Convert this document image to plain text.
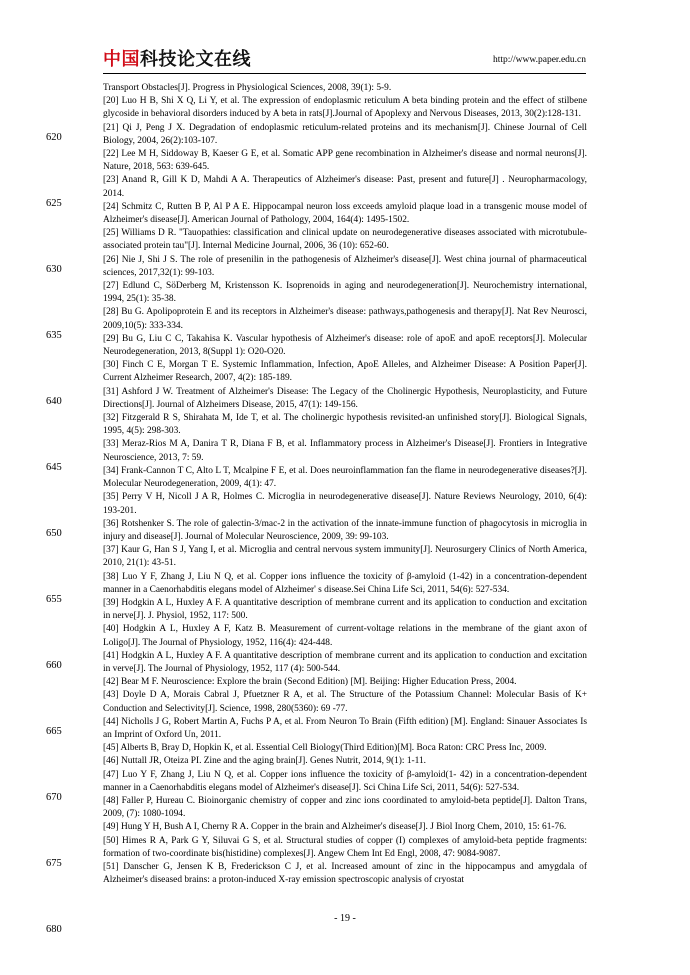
中国科技论文在线	http://www.paper.edu.cn
620
625
630
635
640
645
650
655
660
665
670
675
680

Transport Obstacles[J]. Progress in Physiological Sciences, 2008, 39(1): 5-9.

[20] Luo H B, Shi X Q, Li Y, et al. The expression of endoplasmic reticulum A beta binding protein and the effect of stilbene glycoside in behavioral disorders induced by A beta in rats[J].Journal of Apoplexy and Nervous Diseases, 2013, 30(2):128-131.

[21] Qi J, Peng J X. Degradation of endoplasmic reticulum-related proteins and its mechanism[J]. Chinese Journal of Cell Biology, 2004, 26(2):103-107.

[22] Lee M H, Siddoway B, Kaeser G E, et al. Somatic APP gene recombination in Alzheimer's disease and normal neurons[J]. Nature, 2018, 563: 639-645.

[23] Anand R, Gill K D, Mahdi A A. Therapeutics of Alzheimer's disease: Past, present and future[J] . Neuropharmacology, 2014.

[24] Schmitz C, Rutten B P, Al P A E. Hippocampal neuron loss exceeds amyloid plaque load in a transgenic mouse model of Alzheimer's disease[J]. American Journal of Pathology, 2004, 164(4): 1495-1502.

[25] Williams D R. "Tauopathies: classification and clinical update on neurodegenerative diseases associated with microtubule-associated protein tau"[J]. Internal Medicine Journal, 2006, 36 (10): 652-60.

[26] Nie J, Shi J S. The role of presenilin in the pathogenesis of Alzheimer's disease[J]. West china journal of pharmaceutical sciences, 2017,32(1): 99-103.

[27] Edlund C, SöDerberg M, Kristensson K. Isoprenoids in aging and neurodegeneration[J]. Neurochemistry international, 1994, 25(1): 35-38.

[28] Bu G. Apolipoprotein E and its receptors in Alzheimer's disease: pathways,pathogenesis and therapy[J]. Nat Rev Neurosci, 2009,10(5): 333-334.

[29] Bu G, Liu C C, Takahisa K. Vascular hypothesis of Alzheimer's disease: role of apoE and apoE receptors[J]. Molecular Neurodegeneration, 2013, 8(Suppl 1): O20-O20.

[30] Finch C E, Morgan T E. Systemic Inflammation, Infection, ApoE Alleles, and Alzheimer Disease: A Position Paper[J]. Current Alzheimer Research, 2007, 4(2): 185-189.

[31] Ashford J W. Treatment of Alzheimer's Disease: The Legacy of the Cholinergic Hypothesis, Neuroplasticity, and Future Directions[J]. Journal of Alzheimers Disease, 2015, 47(1): 149-156.

[32] Fitzgerald R S, Shirahata M, Ide T, et al. The cholinergic hypothesis revisited-an unfinished story[J]. Biological Signals, 1995, 4(5): 298-303.

[33] Meraz-Rios M A, Danira T R, Diana F B, et al. Inflammatory process in Alzheimer's Disease[J]. Frontiers in Integrative Neuroscience, 2013, 7: 59.

[34] Frank-Cannon T C, Alto L T, Mcalpine F E, et al. Does neuroinflammation fan the flame in neurodegenerative diseases?[J]. Molecular Neurodegeneration, 2009, 4(1): 47.

[35] Perry V H, Nicoll J A R, Holmes C. Microglia in neurodegenerative disease[J]. Nature Reviews Neurology, 2010, 6(4): 193-201.

[36] Rotshenker S. The role of galectin-3/mac-2 in the activation of the innate-immune function of phagocytosis in microglia in injury and disease[J]. Journal of Molecular Neuroscience, 2009, 39: 99-103.

[37] Kaur G, Han S J, Yang I, et al. Microglia and central nervous system immunity[J]. Neurosurgery Clinics of North America, 2010, 21(1): 43-51.

[38] Luo Y F, Zhang J, Liu N Q, et al. Copper ions influence the toxicity of β-amyloid (1-42) in a concentration-dependent manner in a Caenorhabditis elegans model of Alzheimer' s disease.Sei China Life Sci, 2011, 54(6): 527-534.

[39] Hodgkin A L, Huxley A F. A quantitative description of membrane current and its application to conduction and excitation in nerve[J]. J. Physiol, 1952, 117: 500.

[40] Hodgkin A L, Huxley A F, Katz B. Measurement of current-voltage relations in the membrane of the giant axon of Loligo[J]. The Journal of Physiology, 1952, 116(4): 424-448.

[41] Hodgkin A L, Huxley A F. A quantitative description of membrane current and its application to conduction and excitation in verve[J]. The Journal of Physiology, 1952, 117 (4): 500-544.

[42] Bear M F. Neuroscience: Explore the brain (Second Edition) [M]. Beijing: Higher Education Press, 2004.

[43] Doyle D A, Morais Cabral J, Pfuetzner R A, et al. The Structure of the Potassium Channel: Molecular Basis of K+ Conduction and Selectivity[J]. Science, 1998, 280(5360): 69 -77.

[44] Nicholls J G, Robert Martin A, Fuchs P A, et al. From Neuron To Brain (Fifth edition) [M]. England: Sinauer Associates Is an Imprint of Oxford Un, 2011.

[45] Alberts B, Bray D, Hopkin K, et al. Essential Cell Biology(Third Edition)[M]. Boca Raton: CRC Press Inc, 2009.

[46] Nuttall JR, Oteiza PI. Zine and the aging brain[J]. Genes Nutrit, 2014, 9(1): 1-11.

[47] Luo Y F, Zhang J, Liu N Q, et al. Copper ions influence the toxicity of β-amyloid(1- 42) in a concentration-dependent manner in a Caenorhabditis elegans model of Alzheimer's disease[J]. Sci China Life Sci, 2011, 54(6): 527-534.

[48] Faller P, Hureau C. Bioinorganic chemistry of copper and zinc ions coordinated to amyloid-beta peptide[J]. Dalton Trans, 2009, (7): 1080-1094.

[49] Hung Y H, Bush A I, Cherny R A. Copper in the brain and Alzheimer's disease[J]. J Biol Inorg Chem, 2010, 15: 61-76.

[50] Himes R A, Park G Y, Siluvai G S, et al. Structural studies of copper (I) complexes of amyloid-beta peptide fragments: formation of two-coordinate bis(histidine) complexes[J]. Angew Chem Int Ed Engl, 2008, 47: 9084-9087.

[51] Danscher G, Jensen K B, Frederickson C J, et al. Increased amount of zinc in the hippocampus and amygdala of Alzheimer's diseased brains: a proton-induced X-ray emission spectroscopic analysis of cryostat

- 19 -
